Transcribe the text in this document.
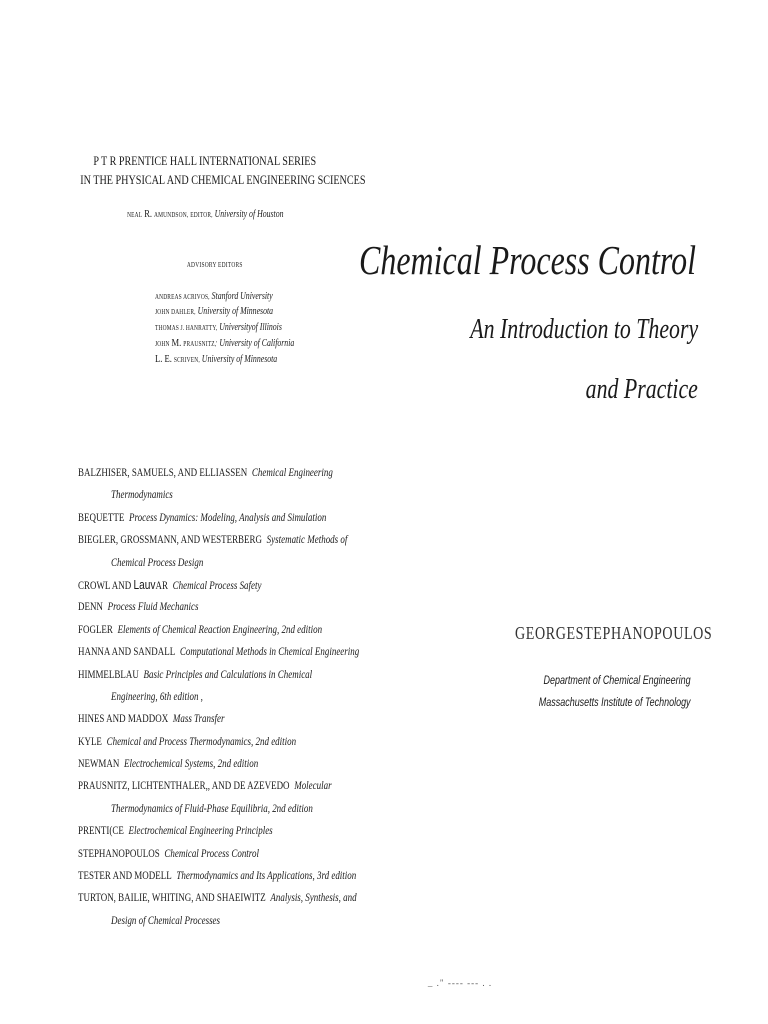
P T R PRENTICE HALL INTERNATIONAL SERIES
IN THE PHYSICAL AND CHEMICAL ENGINEERING SCIENCES
NEAL R. AMUNDSON, EDITOR, University of Houston
ADVISORY EDITORS
ANDREAS ACRIVOS, Stanford University
JOHN DAHLER, University of Minnesota
THOMAS J. HANRATTY, Universityof Illinois
JOHN M. PRAUSNITZ,' University of California
L. E. SCRIVEN, University of Minnesota
BALZHISER, SAMUELS, AND ELLIASSEN Chemical Engineering
Thermodynamics
BEQUETTE Process Dynamics: Modeling, Analysis and Simulation
BIEGLER, GROSSMANN, AND WESTERBERG Systematic Methods of
Chemical Process Design
CROWL AND LauvAR Chemical Process Safety
DENN Process Fluid Mechanics
FOGLER Elements of Chemical Reaction Engineering, 2nd edition
HANNA AND SANDALL Computational Methods in Chemical Engineering
HIMMELBLAU Basic Principles and Calculations in Chemical
Engineering, 6th edition ,
HINES AND MADDOX Mass Transfer
KYLE Chemical and Process Thermodynamics, 2nd edition
NEWMAN Electrochemical Systems, 2nd edition
PRAUSNITZ, LICHTENTHALER,, AND DE AZEVEDO Molecular
Thermodynamics of Fluid-Phase Equilibria, 2nd edition
PRENTI(CE Electrochemical Engineering Principles
STEPHANOPOULOS Chemical Process Control
TESTER AND MODELL Thermodynamics and Its Applications, 3rd edition
TURTON, BAILIE, WHITING, AND SHAEIWITZ Analysis, Synthesis, and
Design of Chemical Processes
Chemical Process Control
An Introduction to Theory
and Practice
GEORGESTEPHANOPOULOS
Department of Chemical Engineering
Massachusetts Institute of Technology
_ ." ---- --- . .
